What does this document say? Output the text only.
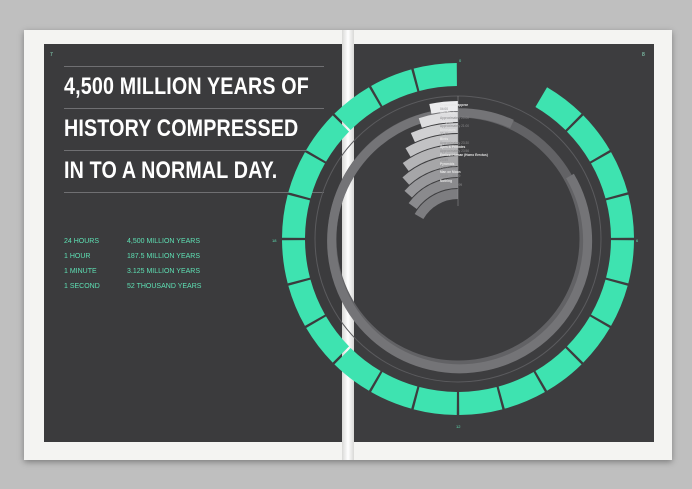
7	8
4,500 MILLION YEARS OF
HISTORY COMPRESSED
IN TO A NORMAL DAY.
24 HOURS	4,500 MILLION YEARS
1 HOUR	187.5 MILLION YEARS
1 MINUTE	3.125 MILLION YEARS
1 SECOND	52 THOUSAND YEARS
0
6
12
18
Organisms appear
04:00
Sex Starts
Approximately 20:00
Jellyfish
Approximately 21:00
Dinosaurs
22:45
Birds
Approximately 23:30
Apes & Primates
Approximately 23:56
Earliest Human (Homo Erectus)
23:59
Pyramids
23:59 ... 59.9
Man on Moon
23:59 ... 59.99
Nothing
23:59 ... 59.999
